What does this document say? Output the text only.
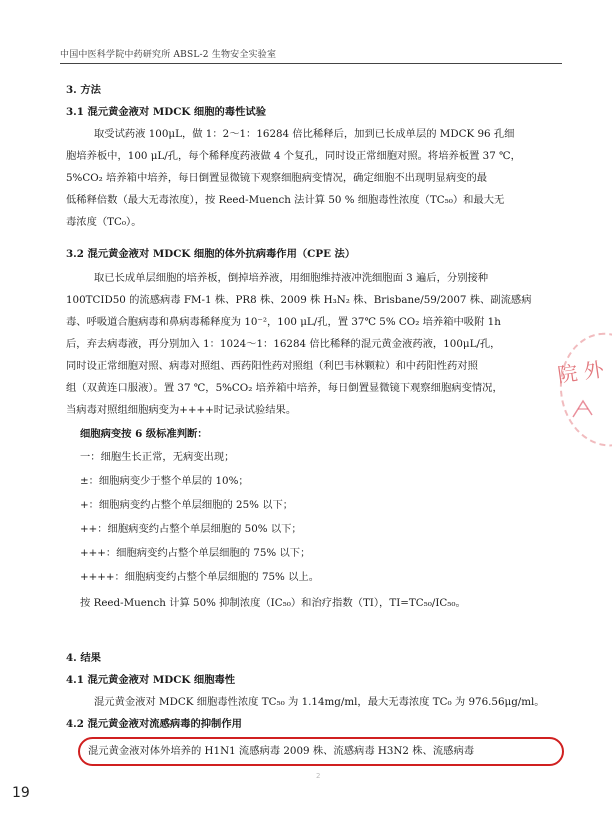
中国中医科学院中药研究所 ABSL-2 生物安全实验室
3. 方法
3.1 混元黄金液对 MDCK 细胞的毒性试验
取受试药液 100μL，做 1：2～1：16284 倍比稀释后，加到已长成单层的 MDCK 96 孔细
胞培养板中，100 μL/孔，每个稀释度药液做 4 个复孔，同时设正常细胞对照。将培养板置 37 ℃，
5%CO₂ 培养箱中培养，每日倒置显微镜下观察细胞病变情况，确定细胞不出现明显病变的最
低稀释倍数（最大无毒浓度），按 Reed-Muench 法计算 50 % 细胞毒性浓度（TC₅₀）和最大无
毒浓度（TC₀）。
3.2 混元黄金液对 MDCK 细胞的体外抗病毒作用（CPE 法）
取已长成单层细胞的培养板，倒掉培养液，用细胞维持液冲洗细胞面 3 遍后，分别接种
100TCID50 的流感病毒 FM-1 株、PR8 株、2009 株 H₃N₂ 株、Brisbane/59/2007 株、副流感病
毒、呼吸道合胞病毒和鼻病毒稀释度为 10⁻²，100 μL/孔，置 37℃ 5% CO₂ 培养箱中吸附 1h
后，弃去病毒液，再分别加入 1：1024～1：16284 倍比稀释的混元黄金液药液，100μL/孔，
同时设正常细胞对照、病毒对照组、西药阳性药对照组（利巴韦林颗粒）和中药阳性药对照
组（双黄连口服液）。置 37 ℃，5%CO₂ 培养箱中培养，每日倒置显微镜下观察细胞病变情况，
当病毒对照组细胞病变为++++时记录试验结果。
细胞病变按 6 级标准判断：
一：细胞生长正常，无病变出现；
±：细胞病变少于整个单层的 10%；
+：细胞病变约占整个单层细胞的 25% 以下；
++：细胞病变约占整个单层细胞的 50% 以下；
+++：细胞病变约占整个单层细胞的 75% 以下；
++++：细胞病变约占整个单层细胞的 75% 以上。
按 Reed-Muench 计算 50% 抑制浓度（IC₅₀）和治疗指数（TI），TI=TC₅₀/IC₅₀。
4. 结果
4.1 混元黄金液对 MDCK 细胞毒性
混元黄金液对 MDCK 细胞毒性浓度 TC₅₀ 为 1.14mg/ml，最大无毒浓度 TC₀ 为 976.56μg/ml。
4.2 混元黄金液对流感病毒的抑制作用
混元黄金液对体外培养的 H1N1 流感病毒 2009 株、流感病毒 H3N2 株、流感病毒
院 外
2
19
